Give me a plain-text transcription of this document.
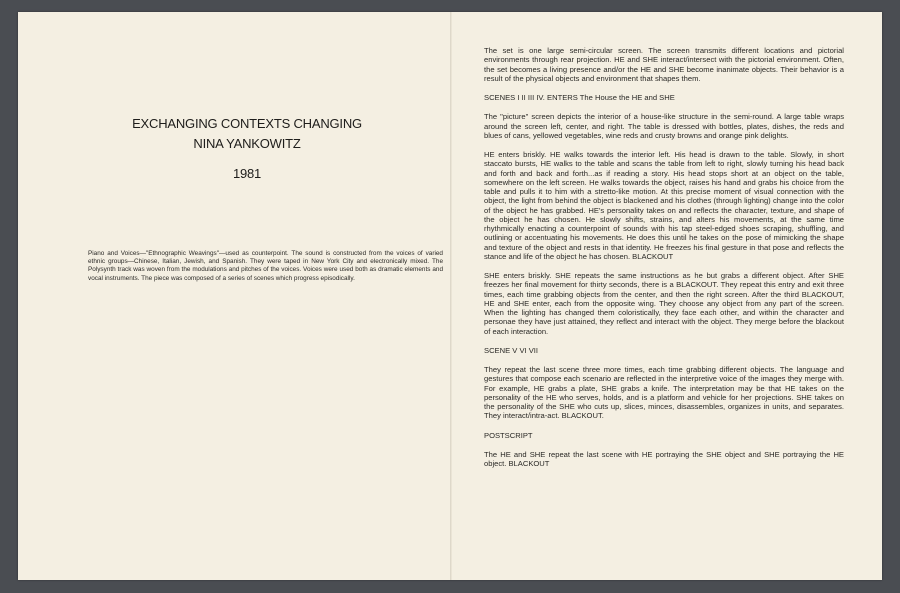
EXCHANGING CONTEXTS CHANGING

NINA YANKOWITZ

1981

Piano and Voices—"Ethnographic Weavings"—used as counterpoint. The sound is constructed from the voices of varied ethnic groups—Chinese, Italian, Jewish, and Spanish. They were taped in New York City and electronically mixed. The Polysynth track was woven from the modulations and pitches of the voices. Voices were used both as dramatic elements and vocal instruments. The piece was composed of a series of scenes which progress episodically.

The set is one large semi-circular screen. The screen transmits different locations and pictorial environments through rear projection. HE and SHE interact/intersect with the pictorial environment. Often, the set becomes a living presence and/or the HE and SHE become inanimate objects. Their behavior is a result of the physical objects and environment that shapes them.

SCENES I II III IV. ENTERS The House the HE and SHE

The "picture" screen depicts the interior of a house-like structure in the semi-round. A large table wraps around the screen left, center, and right. The table is dressed with bottles, plates, dishes, the reds and blues of cans, yellowed vegetables, wine reds and crusty browns and orange pink delights.

HE enters briskly. HE walks towards the interior left. His head is drawn to the table. Slowly, in short staccato bursts, HE walks to the table and scans the table from left to right, slowly turning his head back and forth and back and forth...as if reading a story. His head stops short at an object on the table, somewhere on the left screen. He walks towards the object, raises his hand and grabs his choice from the table and pulls it to him with a stretto-like motion. At this precise moment of visual connection with the object, the light from behind the object is blackened and his clothes (through lighting) change into the color of the object he has grabbed. HE's personality takes on and reflects the character, texture, and shape of the object he has chosen. He slowly shifts, strains, and alters his movements, at the same time rhythmically enacting a counterpoint of sounds with his tap steel-edged shoes scraping, shuffling, and outlining or accentuating his movements. He does this until he takes on the pose of mimicking the shape and texture of the object and rests in that identity. He freezes his final gesture in that pose and reflects the stance and life of the object he has chosen. BLACKOUT

SHE enters briskly. SHE repeats the same instructions as he but grabs a different object. After SHE freezes her final movement for thirty seconds, there is a BLACKOUT. They repeat this entry and exit three times, each time grabbing objects from the center, and then the right screen. After the third BLACKOUT, HE and SHE enter, each from the opposite wing. They choose any object from any part of the screen. When the lighting has changed them coloristically, they face each other, and within the character and personae they have just attained, they reflect and interact with the object. They merge before the blackout of each interaction.

SCENE V VI VII

They repeat the last scene three more times, each time grabbing different objects. The language and gestures that compose each scenario are reflected in the interpretive voice of the images they merge with. For example, HE grabs a plate, SHE grabs a knife. The interpretation may be that HE takes on the personality of the HE who serves, holds, and is a platform and vehicle for her projections. SHE takes on the personality of the SHE who cuts up, slices, minces, disassembles, organizes in units, and separates. They interact/intra-act. BLACKOUT.

POSTSCRIPT

The HE and SHE repeat the last scene with HE portraying the SHE object and SHE portraying the HE object. BLACKOUT
